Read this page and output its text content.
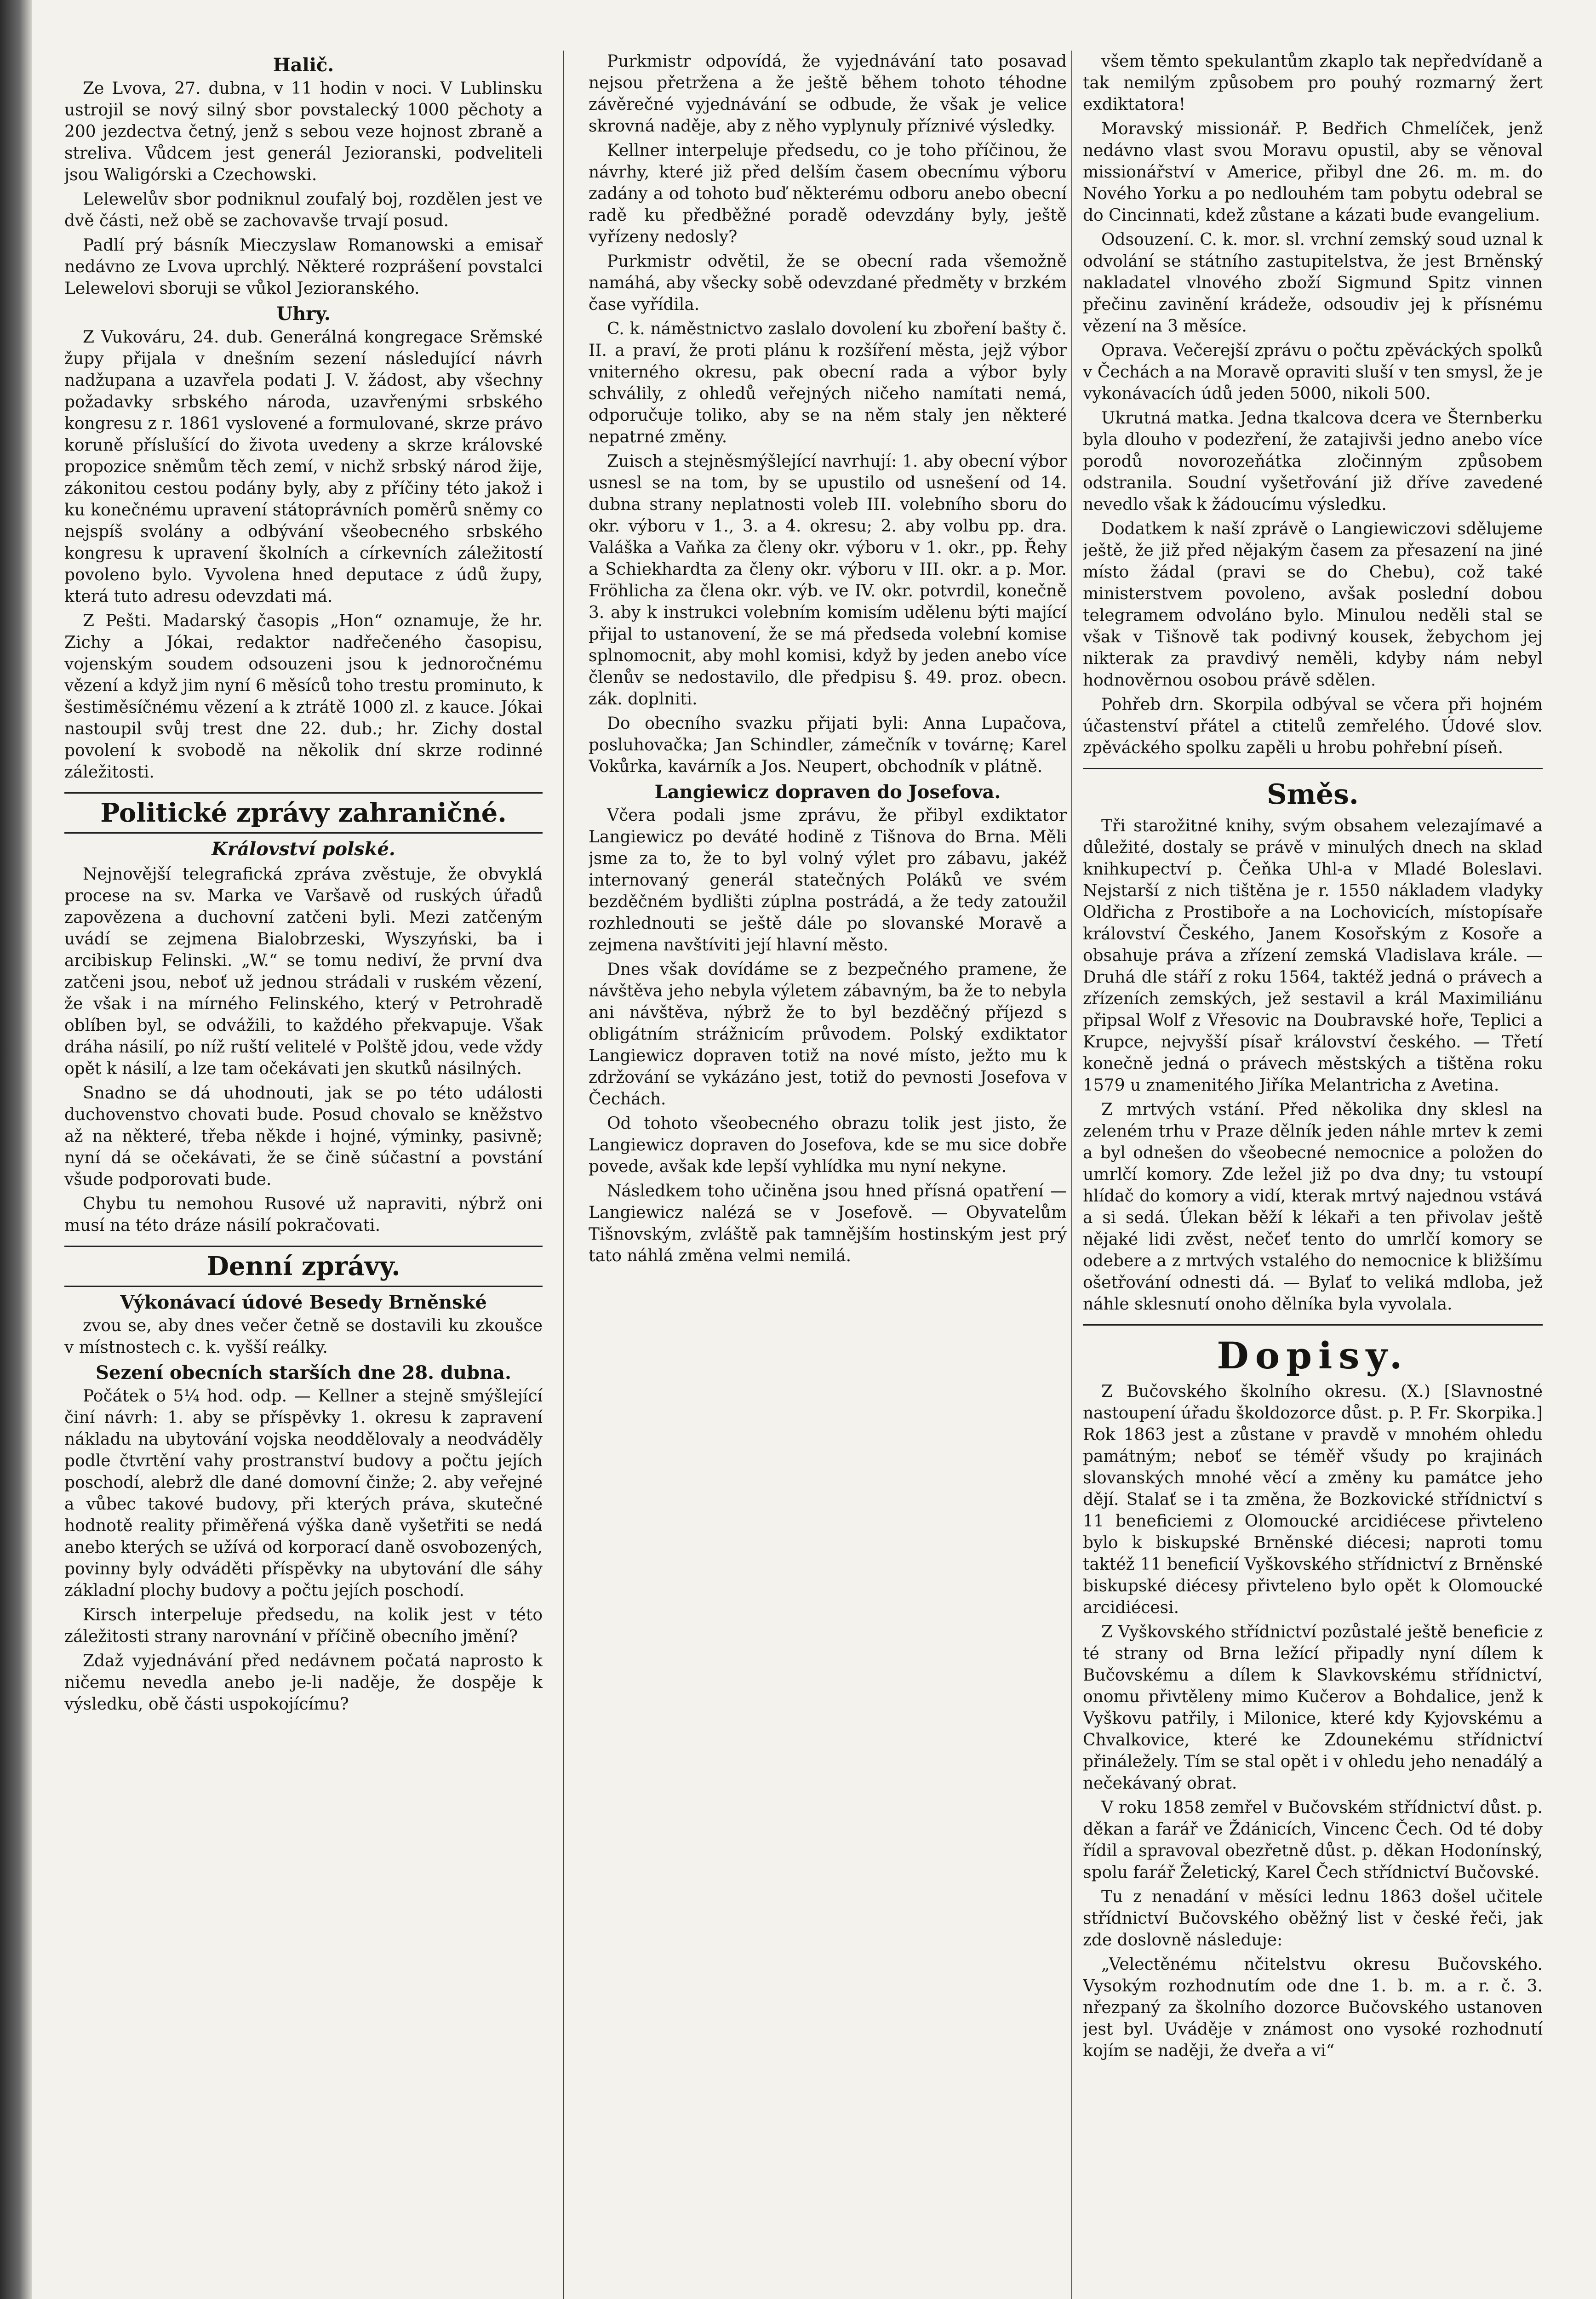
Halič.

Ze Lvova, 27. dubna, v 11 hodin v noci. V Lublinsku ustrojil se nový silný sbor povstalecký 1000 pěchoty a 200 jezdectva četný, jenž s sebou veze hojnost zbraně a streliva. Vůdcem jest generál Jezioranski, podveliteli jsou Waligórski a Czechowski.

Lelewelův sbor podniknul zoufalý boj, rozdělen jest ve dvě části, než obě se zachovavše trvají posud.

Padlí prý básník Mieczyslaw Romanowski a emisař nedávno ze Lvova uprchlý. Některé rozprášení povstalci Lelewelovi sboruji se vůkol Jezioranského.

Uhry.

Z Vukováru, 24. dub. Generálná kongregace Srěmské župy přijala v dnešním sezení následující návrh nadžupana a uzavřela podati J. V. žádost, aby všechny požadavky srbského národa, uzavřenými srbského kongresu z r. 1861 vyslovené a formulované, skrze právo koruně příslušící do života uvedeny a skrze královské propozice sněmům těch zemí, v nichž srbský národ žije, zákonitou cestou podány byly, aby z příčiny této jakož i ku konečnému upravení státoprávních poměrů sněmy co nejspíš svolány a odbývání všeobecného srbského kongresu k upravení školních a církevních záležitostí povoleno bylo. Vyvolena hned deputace z údů župy, která tuto adresu odevzdati má.

Z Pešti. Madarský časopis „Hon“ oznamuje, že hr. Zichy a Jókai, redaktor nadřečeného časopisu, vojenským soudem odsouzeni jsou k jednoročnému vězení a když jim nyní 6 měsíců toho trestu prominuto, k šestiměsíčnému vězení a k ztrátě 1000 zl. z kauce. Jókai nastoupil svůj trest dne 22. dub.; hr. Zichy dostal povolení k svobodě na několik dní skrze rodinné záležitosti.

Politické zprávy zahraničné.
Království polské.

Nejnovější telegrafická zpráva zvěstuje, že obvyklá procese na sv. Marka ve Varšavě od ruských úřadů zapovězena a duchovní zatčeni byli. Mezi zatčeným uvádí se zejmena Bialobrzeski, Wyszyński, ba i arcibiskup Felinski. „W.“ se tomu nediví, že první dva zatčeni jsou, neboť už jednou strádali v ruském vězení, že však i na mírného Felinského, který v Petrohradě oblíben byl, se odvážili, to každého překvapuje. Však dráha násilí, po níž ruští velitelé v Polště jdou, vede vždy opět k násilí, a lze tam očekávati jen skutků násilných.

Snadno se dá uhodnouti, jak se po této události duchovenstvo chovati bude. Posud chovalo se kněžstvo až na některé, třeba někde i hojné, výminky, pasivně; nyní dá se očekávati, že se čině súčastní a povstání všude podporovati bude.

Chybu tu nemohou Rusové už napraviti, nýbrž oni musí na této dráze násilí pokračovati.

Denní zprávy.
Výkonávací údové Besedy Brněnské

zvou se, aby dnes večer četně se dostavili ku zkoušce v místnostech c. k. vyšší reálky.

Sezení obecních starších dne 28. dubna.

Počátek o 5¼ hod. odp. — Kellner a stejně smýšlející činí návrh: 1. aby se příspěvky 1. okresu k zapravení nákladu na ubytování vojska neoddělovaly a neodváděly podle čtvrtění vahy prostranství budovy a počtu jejích poschodí, alebrž dle dané domovní činže; 2. aby veřejné a vůbec takové budovy, při kterých práva, skutečné hodnotě reality přiměřená výška daně vyšetřiti se nedá anebo kterých se užívá od korporací daně osvobozených, povinny byly odváděti příspěvky na ubytování dle sáhy základní plochy budovy a počtu jejích poschodí.

Kirsch interpeluje předsedu, na kolik jest v této záležitosti strany narovnání v příčině obecního jmění?

Zdaž vyjednávání před nedávnem počatá naprosto k ničemu nevedla anebo je-li naděje, že dospěje k výsledku, obě části uspokojícímu?

Purkmistr odpovídá, že vyjednávání tato posavad nejsou přetržena a že ještě během tohoto téhodne závěrečné vyjednávání se odbude, že však je velice skrovná naděje, aby z něho vyplynuly příznivé výsledky.

Kellner interpeluje předsedu, co je toho příčinou, že návrhy, které již před delším časem obecnímu výboru zadány a od tohoto buď některému odboru anebo obecní radě ku předběžné poradě odevzdány byly, ještě vyřízeny nedosly?

Purkmistr odvětil, že se obecní rada všemožně namáhá, aby všecky sobě odevzdané předměty v brzkém čase vyřídila.

C. k. náměstnictvo zaslalo dovolení ku zboření bašty č. II. a praví, že proti plánu k rozšíření města, jejž výbor vniterného okresu, pak obecní rada a výbor byly schválily, z ohledů veřejných ničeho namítati nemá, odporučuje toliko, aby se na něm staly jen některé nepatrné změny.

Zuisch a stejněsmýšlející navrhují: 1. aby obecní výbor usnesl se na tom, by se upustilo od usnešení od 14. dubna strany neplatnosti voleb III. volebního sboru do okr. výboru v 1., 3. a 4. okresu; 2. aby volbu pp. dra. Valáška a Vaňka za členy okr. výboru v 1. okr., pp. Řehy a Schiekhardta za členy okr. výboru v III. okr. a p. Mor. Fröhlicha za člena okr. výb. ve IV. okr. potvrdil, konečně 3. aby k instrukci volebním komisím udělenu býti mající přijal to ustanovení, že se má předseda volební komise splnomocnit, aby mohl komisi, když by jeden anebo více členův se nedostavilo, dle předpisu §. 49. proz. obecn. zák. doplniti.

Do obecního svazku přijati byli: Anna Lupačova, posluhovačka; Jan Schindler, zámečník v továrnę; Karel Vokůrka, kavárník a Jos. Neupert, obchodník v plátně.

Langiewicz dopraven do Josefova.

Včera podali jsme zprávu, že přibyl exdiktator Langiewicz po deváté hodině z Tišnova do Brna. Měli jsme za to, že to byl volný výlet pro zábavu, jakéž internovaný generál statečných Poláků ve svém bezděčném bydlišti zúplna postrádá, a že tedy zatoužil rozhlednouti se ještě dále po slovanské Moravě a zejmena navštíviti její hlavní město.

Dnes však dovídáme se z bezpečného pramene, že návštěva jeho nebyla výletem zábavným, ba že to nebyla ani návštěva, nýbrž že to byl bezděčný příjezd s obligátním strážnicím průvodem. Polský exdiktator Langiewicz dopraven totiž na nové místo, ježto mu k zdržování se vykázáno jest, totiž do pevnosti Josefova v Čechách.

Od tohoto všeobecného obrazu tolik jest jisto, že Langiewicz dopraven do Josefova, kde se mu sice dobře povede, avšak kde lepší vyhlídka mu nyní nekyne.

Následkem toho učiněna jsou hned přísná opatření — Langiewicz nalézá se v Josefově. — Obyvatelům Tišnovským, zvláště pak tamnějším hostinským jest prý tato náhlá změna velmi nemilá.

všem těmto spekulantům zkaplo tak nepředvídaně a tak nemilým způsobem pro pouhý rozmarný žert exdiktatora!

Moravský missionář. P. Bedřich Chmelíček, jenž nedávno vlast svou Moravu opustil, aby se věnoval missionářství v Americe, přibyl dne 26. m. m. do Nového Yorku a po nedlouhém tam pobytu odebral se do Cincinnati, kdež zůstane a kázati bude evangelium.

Odsouzení. C. k. mor. sl. vrchní zemský soud uznal k odvolání se státního zastupitelstva, že jest Brněnský nakladatel vlnového zboží Sigmund Spitz vinnen přečinu zavinění krádeže, odsoudiv jej k přísnému vězení na 3 měsíce.

Oprava. Večerejší zprávu o počtu zpěváckých spolků v Čechách a na Moravě opraviti sluší v ten smysl, že je vykonávacích údů jeden 5000, nikoli 500.

Ukrutná matka. Jedna tkalcova dcera ve Šternberku byla dlouho v podezření, že zatajivši jedno anebo více porodů novorozeňátka zločinným způsobem odstranila. Soudní vyšetřování již dříve zavedené nevedlo však k žádoucímu výsledku.

Dodatkem k naší zprávě o Langiewiczovi sdělujeme ještě, že již před nějakým časem za přesazení na jiné místo žádal (pravi se do Chebu), což také ministerstvem povoleno, avšak poslední dobou telegramem odvoláno bylo. Minulou neděli stal se však v Tišnově tak podivný kousek, žebychom jej nikterak za pravdivý neměli, kdyby nám nebyl hodnověrnou osobou právě sdělen.

Pohřeb drn. Skorpila odbýval se včera při hojném účastenství přátel a ctitelů zemřelého. Údové slov. zpěváckého spolku zapěli u hrobu pohřební píseň.

Směs.

Tři starožitné knihy, svým obsahem velezajímavé a důležité, dostaly se právě v minulých dnech na sklad knihkupectví p. Čeňka Uhl-a v Mladé Boleslavi. Nejstarší z nich tištěna je r. 1550 nákladem vladyky Oldřicha z Prostiboře a na Lochovicích, místopísaře království Českého, Janem Kosořským z Kosoře a obsahuje práva a zřízení zemská Vladislava krále. — Druhá dle stáří z roku 1564, taktéž jedná o právech a zřízeních zemských, jež sestavil a král Maximiliánu připsal Wolf z Vřesovic na Doubravské hoře, Teplici a Krupce, nejvyšší písař království českého. — Třetí konečně jedná o právech městských a tištěna roku 1579 u znamenitého Jiříka Melantricha z Avetina.

Z mrtvých vstání. Před několika dny sklesl na zeleném trhu v Praze dělník jeden náhle mrtev k zemi a byl odnešen do všeobecné nemocnice a položen do umrlčí komory. Zde ležel již po dva dny; tu vstoupí hlídač do komory a vidí, kterak mrtvý najednou vstává a si sedá. Úlekan běží k lékaři a ten přivolav ještě nějaké lidi zvěst, nečeť tento do umrlčí komory se odebere a z mrtvých vstalého do nemocnice k bližšímu ošetřování odnesti dá. — Bylať to veliká mdloba, jež náhle sklesnutí onoho dělníka byla vyvolala.

Dopisy.

Z Bučovského školního okresu. (X.) [Slavnostné nastoupení úřadu školdozorce důst. p. P. Fr. Skorpika.] Rok 1863 jest a zůstane v pravdě v mnohém ohledu památným; neboť se téměř všudy po krajinách slovanských mnohé věcí a změny ku památce jeho dějí. Stalať se i ta změna, že Bozkovické střídnictví s 11 beneficiemi z Olomoucké arcidiécese přivteleno bylo k biskupské Brněnské diécesi; naproti tomu taktéž 11 beneficií Vyškovského střídnictví z Brněnské biskupské diécesy přivteleno bylo opět k Olomoucké arcidiécesi.

Z Vyškovského střídnictví pozůstalé ještě beneficie z té strany od Brna ležící připadly nyní dílem k Bučovskému a dílem k Slavkovskému střídnictví, onomu přivtěleny mimo Kučerov a Bohdalice, jenž k Vyškovu patřily, i Milonice, které kdy Kyjovskému a Chvalkovice, které ke Zdounekému střídnictví přináležely. Tím se stal opět i v ohledu jeho nenadálý a nečekávaný obrat.

V roku 1858 zemřel v Bučovském střídnictví důst. p. děkan a farář ve Ždánicích, Vincenc Čech. Od té doby řídil a spravoval obezřetně důst. p. děkan Hodonínský, spolu farář Želetický, Karel Čech střídnictví Bučovské.

Tu z nenadání v měsíci lednu 1863 došel učitele střídnictví Bučovského oběžný list v české řeči, jak zde doslovně následuje:

„Velectěnému nčitelstvu okresu Bučovského. Vysokým rozhodnutím ode dne 1. b. m. a r. č. 3. nřezpaný za školního dozorce Bučovského ustanoven jest byl. Uváděje v známost ono vysoké rozhodnutí kojím se naději, že dveřa a vi“
